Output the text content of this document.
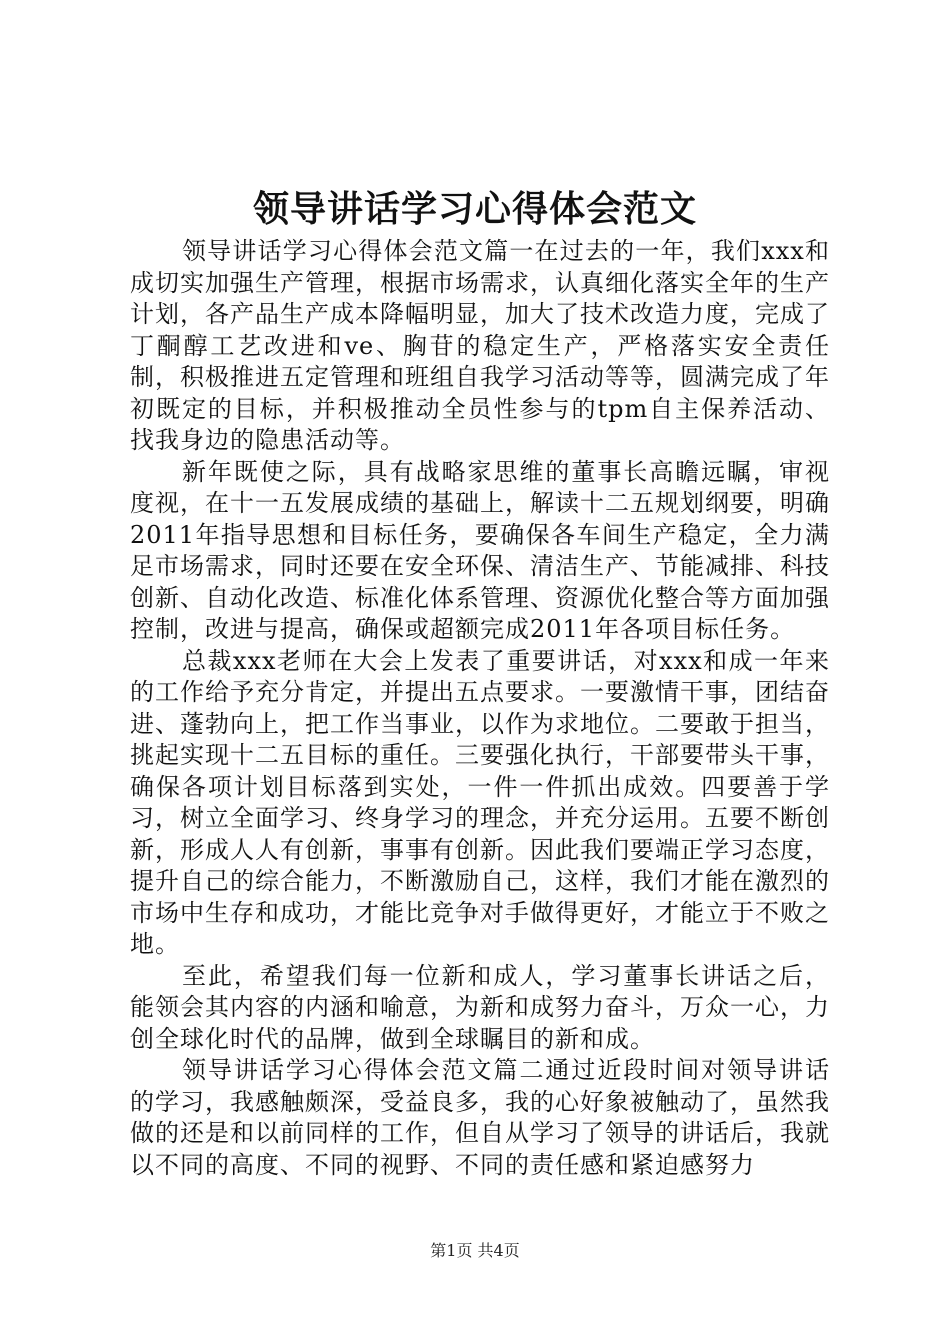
领导讲话学习心得体会范文

领导讲话学习心得体会范文篇一在过去的一年，我们xxx和成切实加强生产管理，根据市场需求，认真细化落实全年的生产计划，各产品生产成本降幅明显，加大了技术改造力度，完成了丁酮醇工艺改进和ve、胸苷的稳定生产，严格落实安全责任制，积极推进五定管理和班组自我学习活动等等，圆满完成了年初既定的目标，并积极推动全员性参与的tpm自主保养活动、找我身边的隐患活动等。

新年既使之际，具有战略家思维的董事长高瞻远瞩，审视度视，在十一五发展成绩的基础上，解读十二五规划纲要，明确2011年指导思想和目标任务，要确保各车间生产稳定，全力满足市场需求，同时还要在安全环保、清洁生产、节能减排、科技创新、自动化改造、标准化体系管理、资源优化整合等方面加强控制，改进与提高，确保或超额完成2011年各项目标任务。

总裁xxx老师在大会上发表了重要讲话，对xxx和成一年来的工作给予充分肯定，并提出五点要求。一要激情干事，团结奋进、蓬勃向上，把工作当事业，以作为求地位。二要敢于担当，挑起实现十二五目标的重任。三要强化执行，干部要带头干事，确保各项计划目标落到实处，一件一件抓出成效。四要善于学习，树立全面学习、终身学习的理念，并充分运用。五要不断创新，形成人人有创新，事事有创新。因此我们要端正学习态度，提升自己的综合能力，不断激励自己，这样，我们才能在激烈的市场中生存和成功，才能比竞争对手做得更好，才能立于不败之地。

至此，希望我们每一位新和成人，学习董事长讲话之后，能领会其内容的内涵和喻意，为新和成努力奋斗，万众一心，力创全球化时代的品牌，做到全球瞩目的新和成。

领导讲话学习心得体会范文篇二通过近段时间对领导讲话的学习，我感触颇深，受益良多，我的心好象被触动了，虽然我做的还是和以前同样的工作，但自从学习了领导的讲话后，我就以不同的高度、不同的视野、不同的责任感和紧迫感努力

第1页 共4页
